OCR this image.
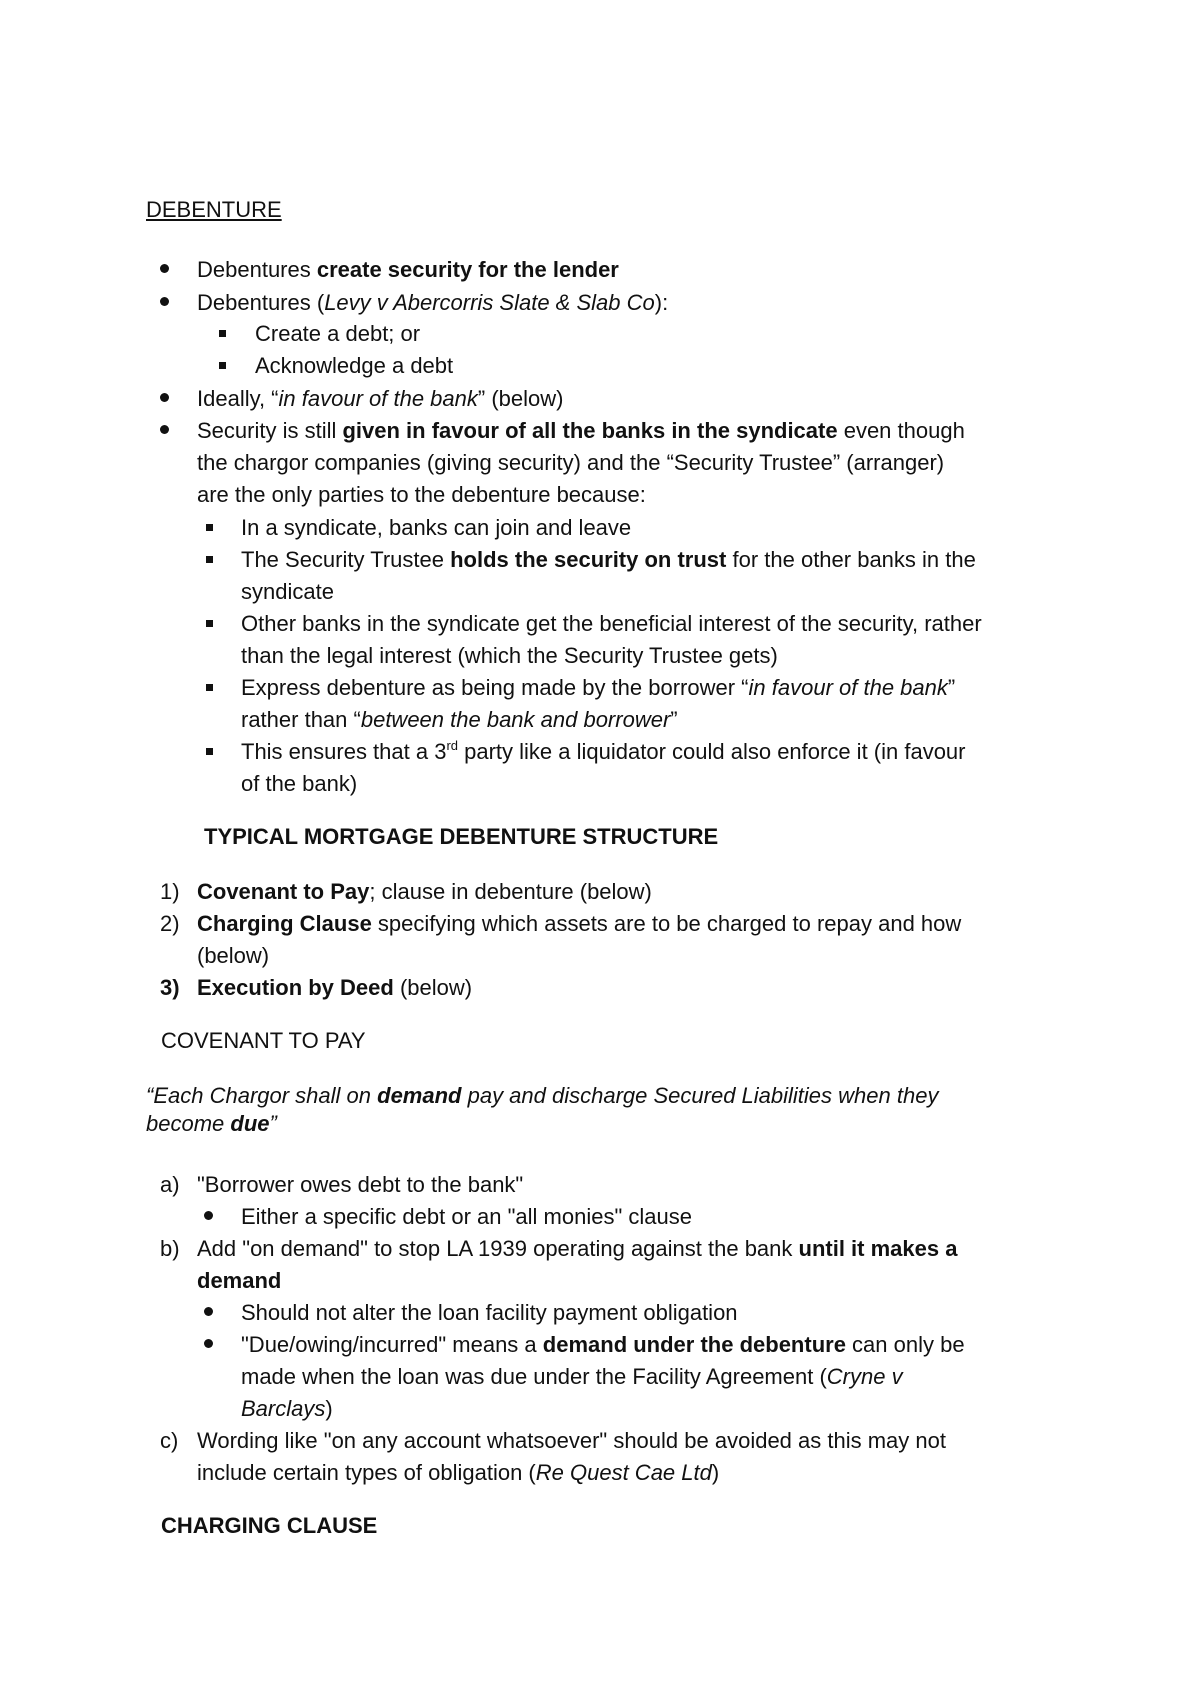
DEBENTURE
Debentures create security for the lender
Debentures (Levy v Abercorris Slate & Slab Co):
Create a debt; or
Acknowledge a debt
Ideally, “in favour of the bank” (below)
Security is still given in favour of all the banks in the syndicate even though
the chargor companies (giving security) and the “Security Trustee” (arranger)
are the only parties to the debenture because:
In a syndicate, banks can join and leave
The Security Trustee holds the security on trust for the other banks in the
syndicate
Other banks in the syndicate get the beneficial interest of the security, rather
than the legal interest (which the Security Trustee gets)
Express debenture as being made by the borrower “in favour of the bank”
rather than “between the bank and borrower”
This ensures that a 3rd party like a liquidator could also enforce it (in favour
of the bank)
TYPICAL MORTGAGE DEBENTURE STRUCTURE
1) Covenant to Pay; clause in debenture (below)
2) Charging Clause specifying which assets are to be charged to repay and how
(below)
3) Execution by Deed (below)
COVENANT TO PAY
“Each Chargor shall on demand pay and discharge Secured Liabilities when they
become due”
a) "Borrower owes debt to the bank"
Either a specific debt or an "all monies" clause
b) Add "on demand" to stop LA 1939 operating against the bank until it makes a
demand
Should not alter the loan facility payment obligation
"Due/owing/incurred" means a demand under the debenture can only be
made when the loan was due under the Facility Agreement (Cryne v
Barclays)
c) Wording like "on any account whatsoever" should be avoided as this may not
include certain types of obligation (Re Quest Cae Ltd)
CHARGING CLAUSE
